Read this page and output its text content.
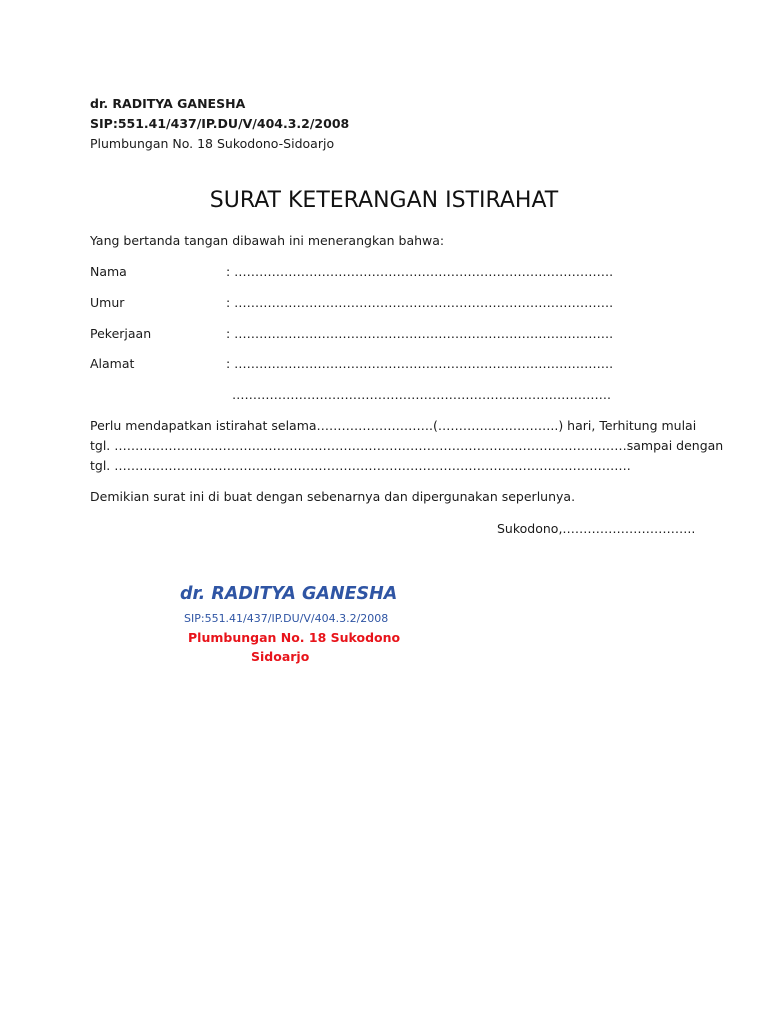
dr. RADITYA GANESHA
SIP:551.41/437/IP.DU/V/404.3.2/2008
Plumbungan No. 18 Sukodono-Sidoarjo
SURAT KETERANGAN ISTIRAHAT
Yang bertanda tangan dibawah ini menerangkan bahwa:
Nama	: ……………………………………………………………………………….
Umur	: ……………………………………………………………………………….
Pekerjaan	: ……………………………………………………………………………….
Alamat	: ……………………………………………………………………………….
……………………………………………………………………………….
Perlu mendapatkan istirahat selama……………………….(………………………..) hari, Terhitung mulai
tgl. ……………………………………………………………………………………………………………sampai dengan
tgl. …………………………………………………………………………………………………………….
Demikian surat ini di buat dengan sebenarnya dan dipergunakan seperlunya.
Sukodono,…………………………..
dr. RADITYA GANESHA
SIP:551.41/437/IP.DU/V/404.3.2/2008
Plumbungan No. 18 Sukodono
Sidoarjo
